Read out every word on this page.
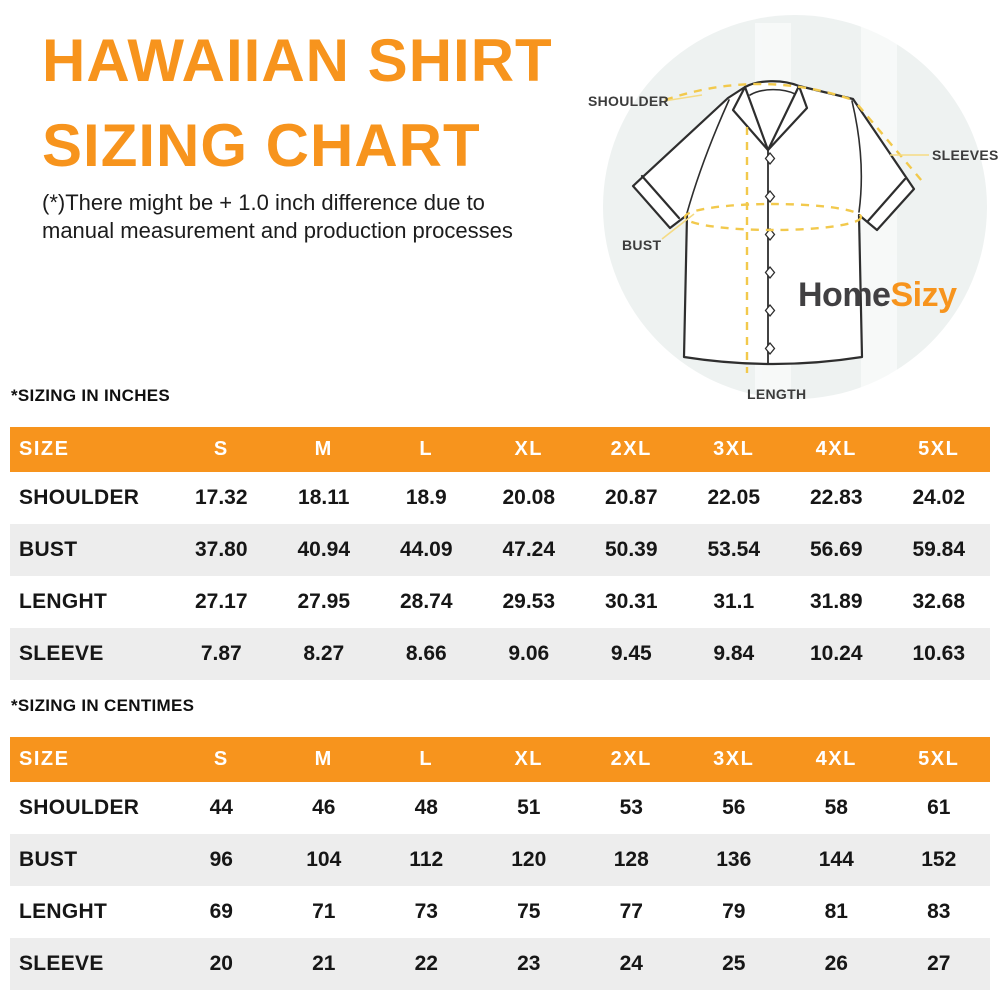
HAWAIIAN SHIRT
SIZING CHART
(*)There might be + 1.0 inch difference due to
manual measurement and production processes
SHOULDER
SLEEVES
BUST
LENGTH
HomeSizy
*SIZING IN INCHES
SIZE	S	M	L	XL	2XL	3XL	4XL	5XL
SHOULDER	17.32	18.11	18.9	20.08	20.87	22.05	22.83	24.02
BUST	37.80	40.94	44.09	47.24	50.39	53.54	56.69	59.84
LENGHT	27.17	27.95	28.74	29.53	30.31	31.1	31.89	32.68
SLEEVE	7.87	8.27	8.66	9.06	9.45	9.84	10.24	10.63
*SIZING IN CENTIMES
SIZE	S	M	L	XL	2XL	3XL	4XL	5XL
SHOULDER	44	46	48	51	53	56	58	61
BUST	96	104	112	120	128	136	144	152
LENGHT	69	71	73	75	77	79	81	83
SLEEVE	20	21	22	23	24	25	26	27
